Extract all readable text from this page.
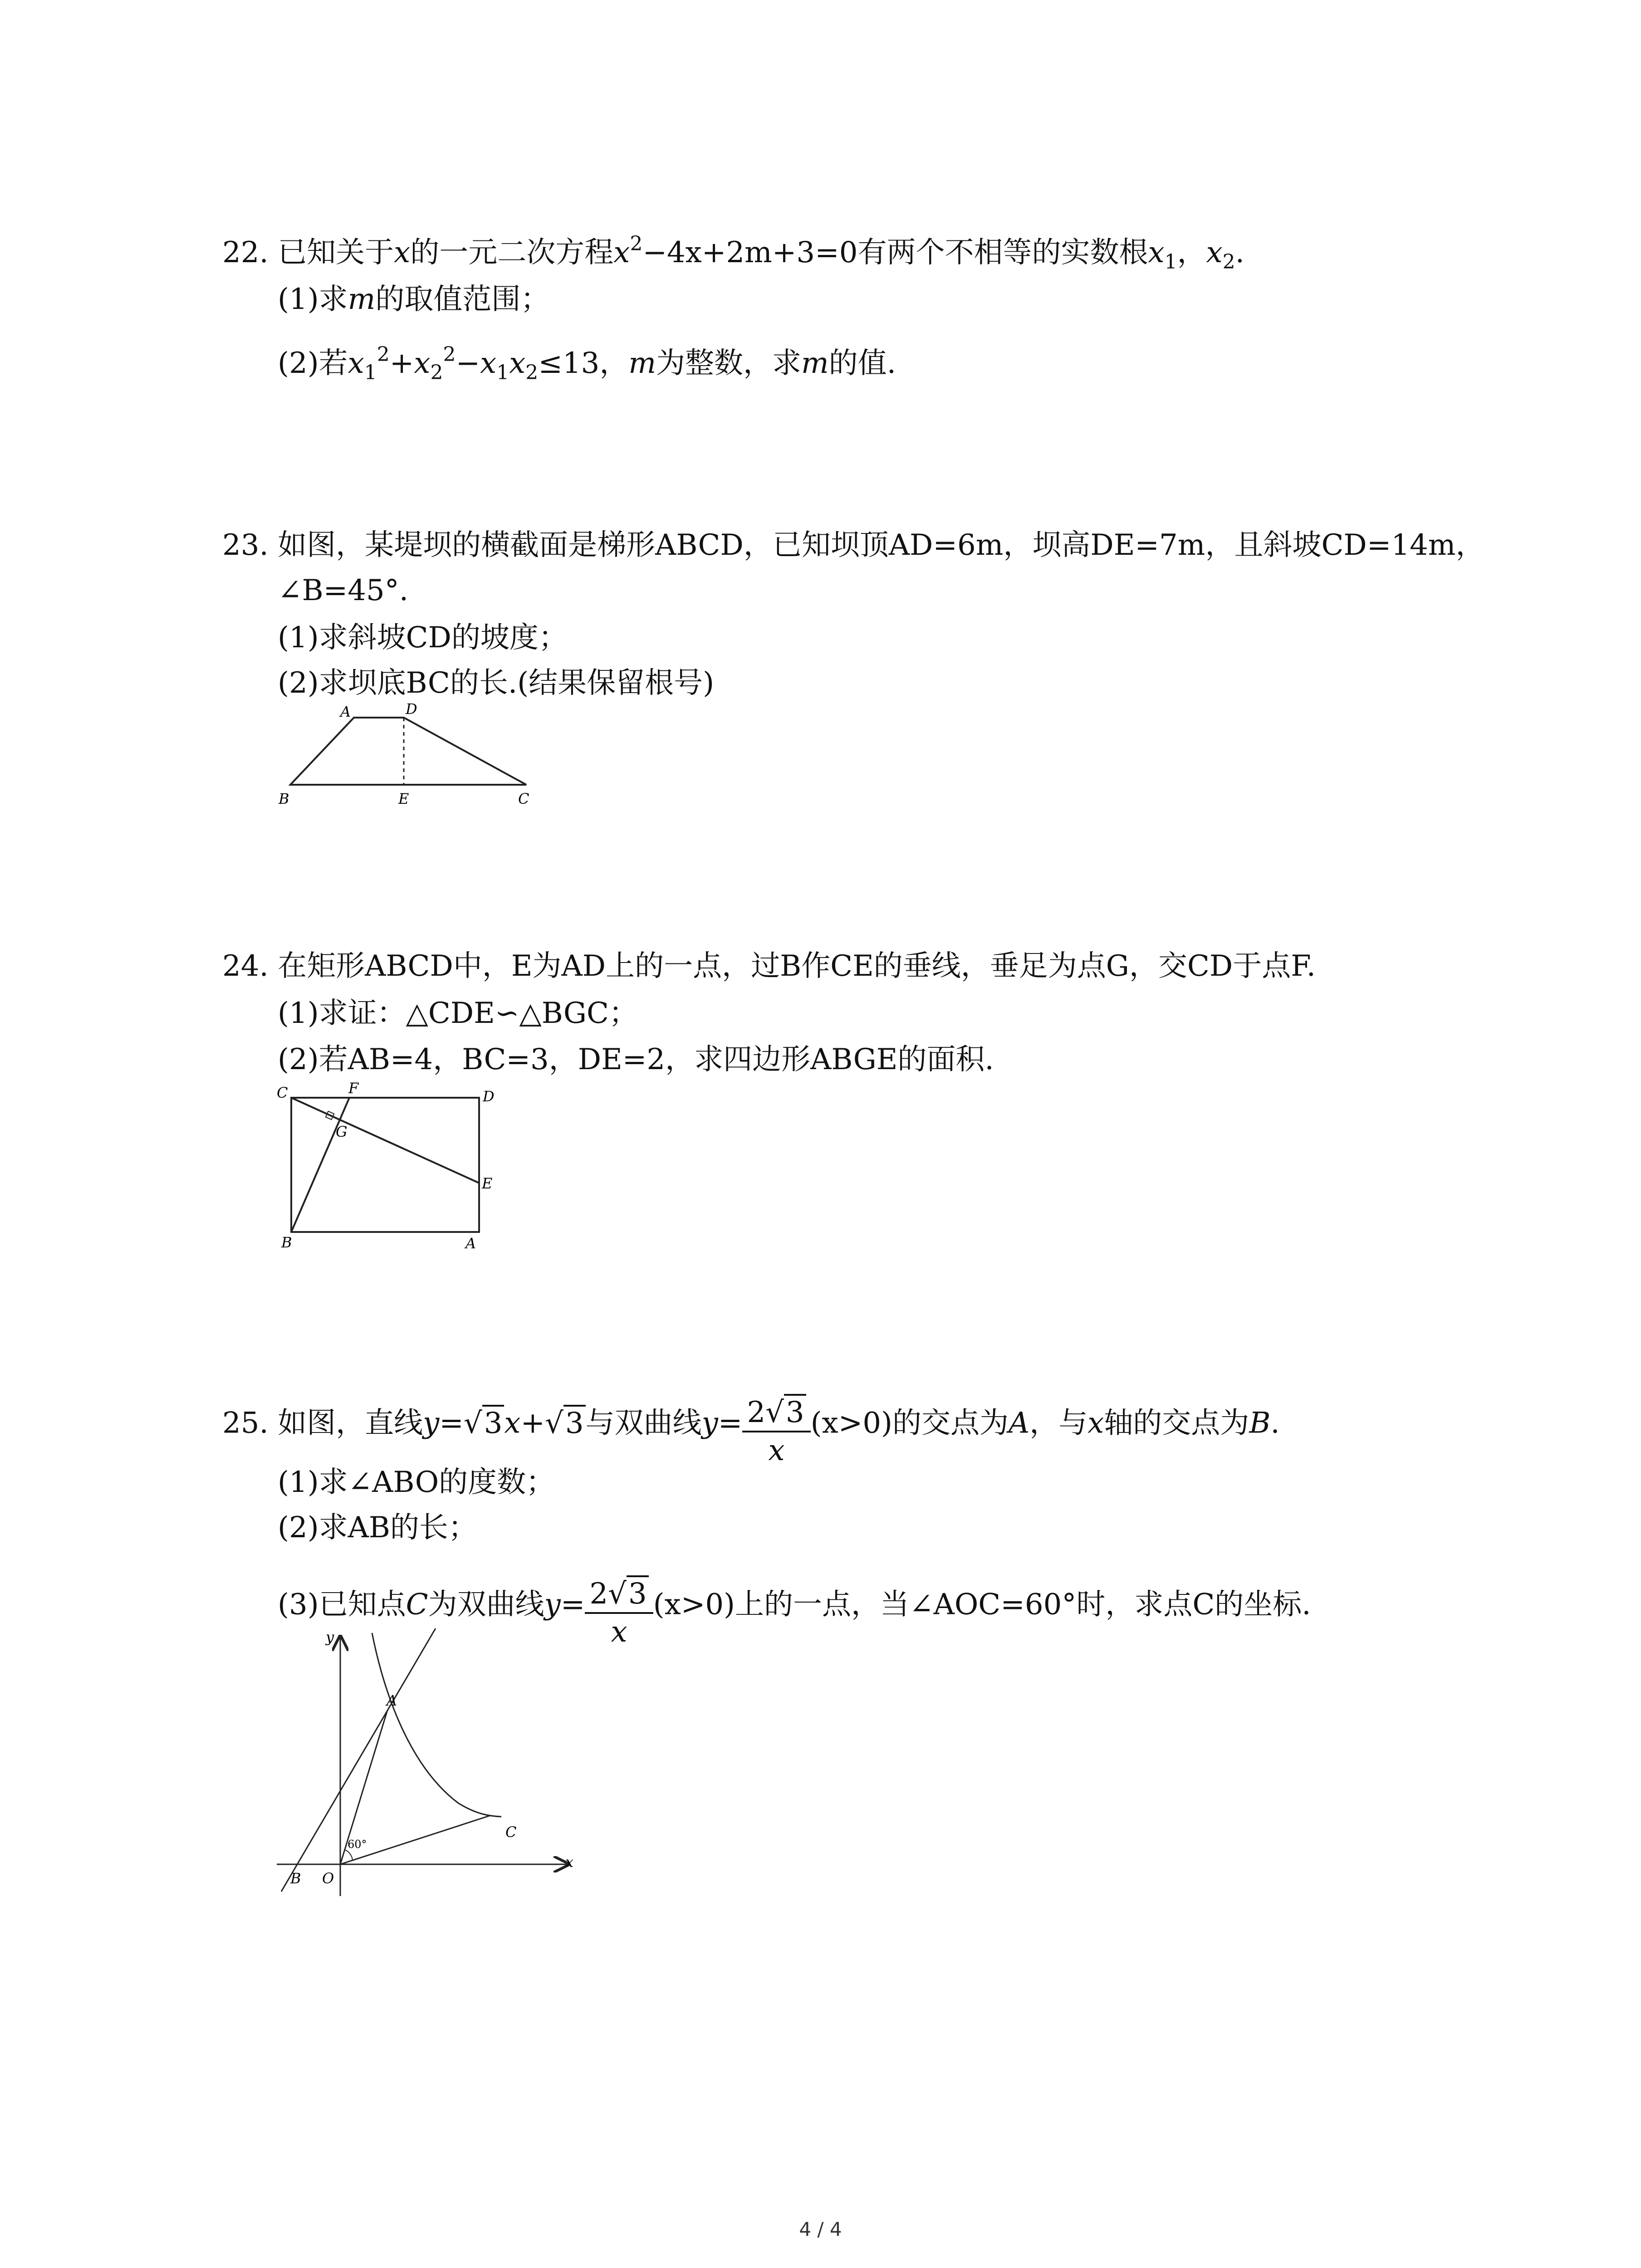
22. 已知关于x的一元二次方程$x^2-4x+2m+3=0$有两个不相等的实数根$x_1$，$x_2$.
(1)求m的取值范围；
(2)若$x_1^2+x_2^2-x_1x_2\le 13$，m为整数，求m的值.
23. 如图，某堤坝的横截面是梯形ABCD，已知坝顶AD=6m，坝高DE=7m，且斜坡CD=14m，
∠B=45°.
(1)求斜坡CD的坡度；
(2)求坝底BC的长.(结果保留根号)
A	D
B	E	C
24. 在矩形ABCD中，E为AD上的一点，过B作CE的垂线，垂足为点G，交CD于点F.
(1)求证：△CDE∽△BGC；
(2)若AB=4，BC=3，DE=2，求四边形ABGE的面积.
C	F	D
G
E
B	A
25. 如图，直线y=√3x+√3与双曲线$y= \frac{2√3}{x} (x>0)$的交点为A，与x轴的交点为B.
(1)求∠ABO的度数；
(2)求AB的长；
(3)已知点C为双曲线$y= \frac{2√3}{x} (x>0)$上的一点，当∠AOC=60°时，求点C的坐标.
y
x
A
C
B O
60°
4 / 4
